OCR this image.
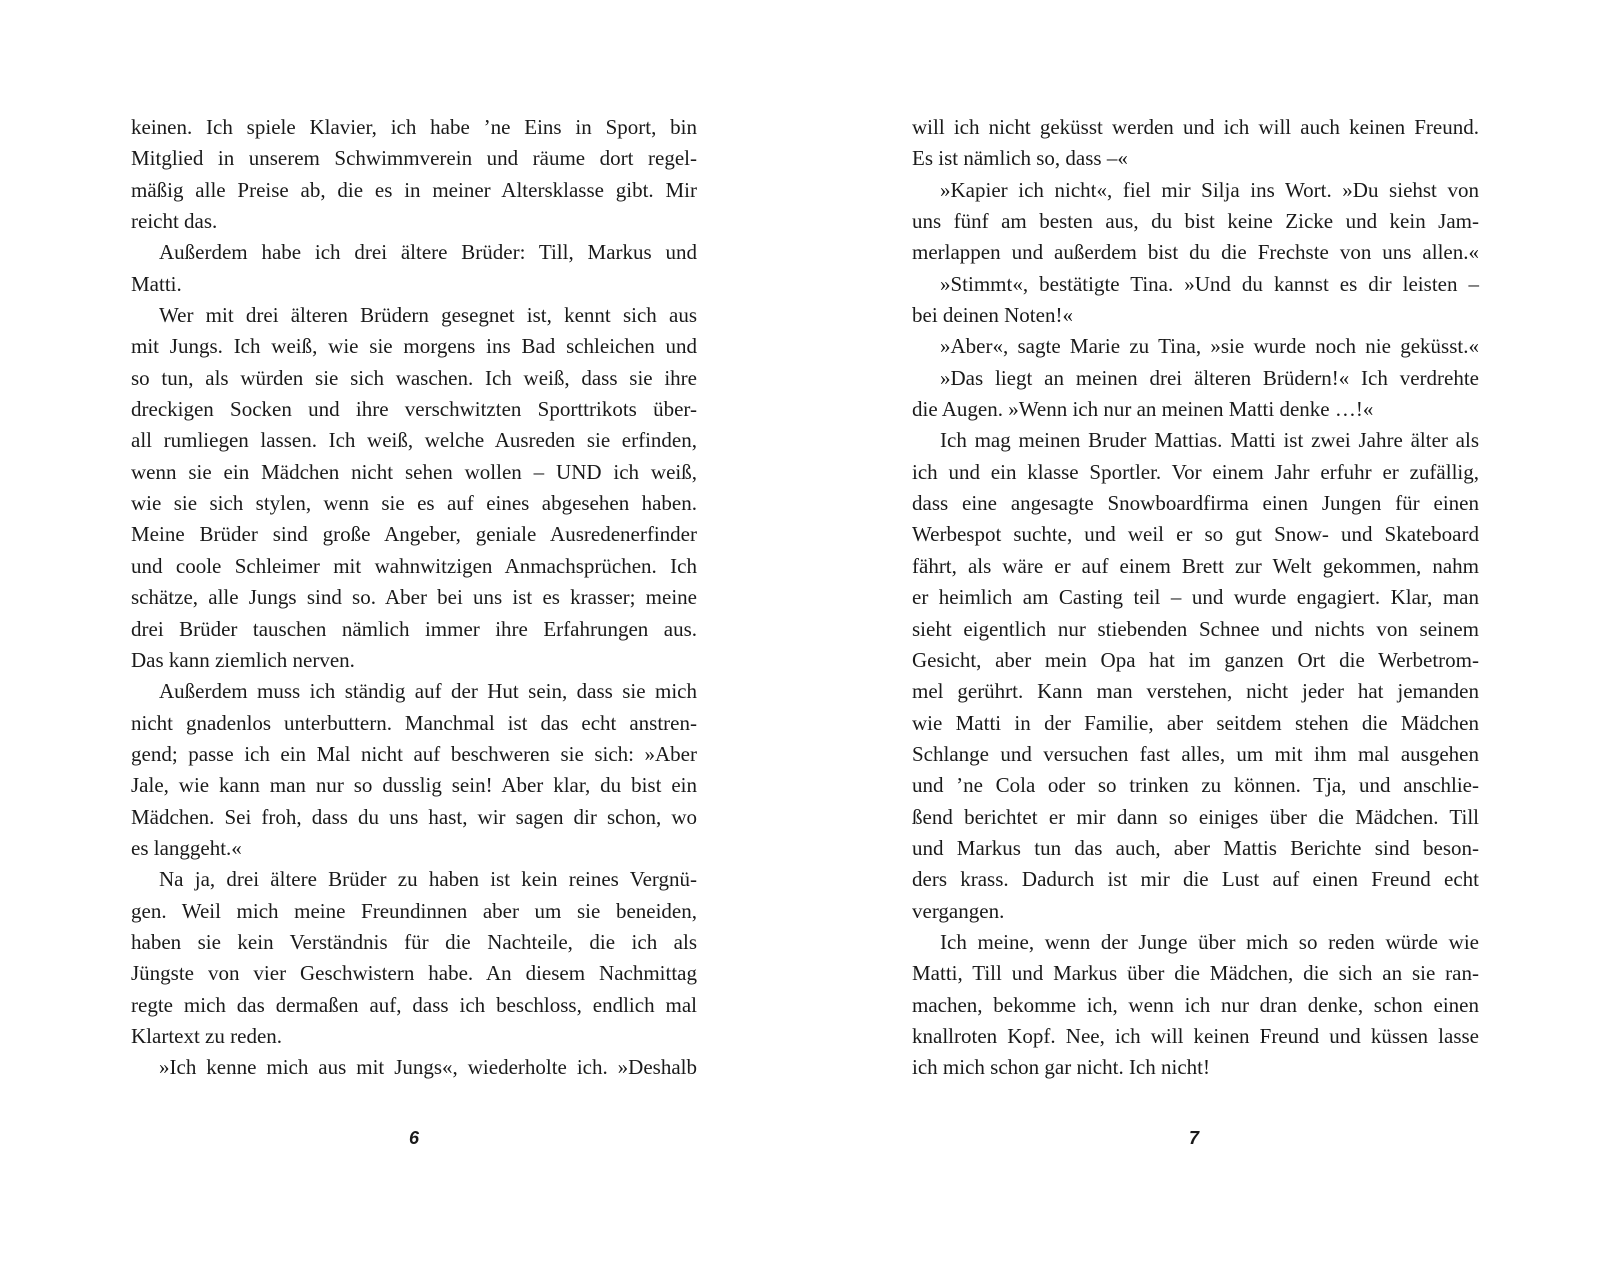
keinen. Ich spiele Klavier, ich habe ’ne Eins in Sport, bin
Mitglied in unserem Schwimmverein und räume dort regel-
mäßig alle Preise ab, die es in meiner Altersklasse gibt. Mir
reicht das.
Außerdem habe ich drei ältere Brüder: Till, Markus und
Matti.
Wer mit drei älteren Brüdern gesegnet ist, kennt sich aus
mit Jungs. Ich weiß, wie sie morgens ins Bad schleichen und
so tun, als würden sie sich waschen. Ich weiß, dass sie ihre
dreckigen Socken und ihre verschwitzten Sporttrikots über-
all rumliegen lassen. Ich weiß, welche Ausreden sie erfinden,
wenn sie ein Mädchen nicht sehen wollen – UND ich weiß,
wie sie sich stylen, wenn sie es auf eines abgesehen haben.
Meine Brüder sind große Angeber, geniale Ausredenerfinder
und coole Schleimer mit wahnwitzigen Anmachsprüchen. Ich
schätze, alle Jungs sind so. Aber bei uns ist es krasser; meine
drei Brüder tauschen nämlich immer ihre Erfahrungen aus.
Das kann ziemlich nerven.
Außerdem muss ich ständig auf der Hut sein, dass sie mich
nicht gnadenlos unterbuttern. Manchmal ist das echt anstren-
gend; passe ich ein Mal nicht auf beschweren sie sich: »Aber
Jale, wie kann man nur so dusslig sein! Aber klar, du bist ein
Mädchen. Sei froh, dass du uns hast, wir sagen dir schon, wo
es langgeht.«
Na ja, drei ältere Brüder zu haben ist kein reines Vergnü-
gen. Weil mich meine Freundinnen aber um sie beneiden,
haben sie kein Verständnis für die Nachteile, die ich als
Jüngste von vier Geschwistern habe. An diesem Nachmittag
regte mich das dermaßen auf, dass ich beschloss, endlich mal
Klartext zu reden.
»Ich kenne mich aus mit Jungs«, wiederholte ich. »Deshalb
will ich nicht geküsst werden und ich will auch keinen Freund.
Es ist nämlich so, dass –«
»Kapier ich nicht«, fiel mir Silja ins Wort. »Du siehst von
uns fünf am besten aus, du bist keine Zicke und kein Jam-
merlappen und außerdem bist du die Frechste von uns allen.«
»Stimmt«, bestätigte Tina. »Und du kannst es dir leisten –
bei deinen Noten!«
»Aber«, sagte Marie zu Tina, »sie wurde noch nie geküsst.«
»Das liegt an meinen drei älteren Brüdern!« Ich verdrehte
die Augen. »Wenn ich nur an meinen Matti denke …!«
Ich mag meinen Bruder Mattias. Matti ist zwei Jahre älter als
ich und ein klasse Sportler. Vor einem Jahr erfuhr er zufällig,
dass eine angesagte Snowboardfirma einen Jungen für einen
Werbespot suchte, und weil er so gut Snow- und Skateboard
fährt, als wäre er auf einem Brett zur Welt gekommen, nahm
er heimlich am Casting teil – und wurde engagiert. Klar, man
sieht eigentlich nur stiebenden Schnee und nichts von seinem
Gesicht, aber mein Opa hat im ganzen Ort die Werbetrom-
mel gerührt. Kann man verstehen, nicht jeder hat jemanden
wie Matti in der Familie, aber seitdem stehen die Mädchen
Schlange und versuchen fast alles, um mit ihm mal ausgehen
und ’ne Cola oder so trinken zu können. Tja, und anschlie-
ßend berichtet er mir dann so einiges über die Mädchen. Till
und Markus tun das auch, aber Mattis Berichte sind beson-
ders krass. Dadurch ist mir die Lust auf einen Freund echt
vergangen.
Ich meine, wenn der Junge über mich so reden würde wie
Matti, Till und Markus über die Mädchen, die sich an sie ran-
machen, bekomme ich, wenn ich nur dran denke, schon einen
knallroten Kopf. Nee, ich will keinen Freund und küssen lasse
ich mich schon gar nicht. Ich nicht!
6	7
